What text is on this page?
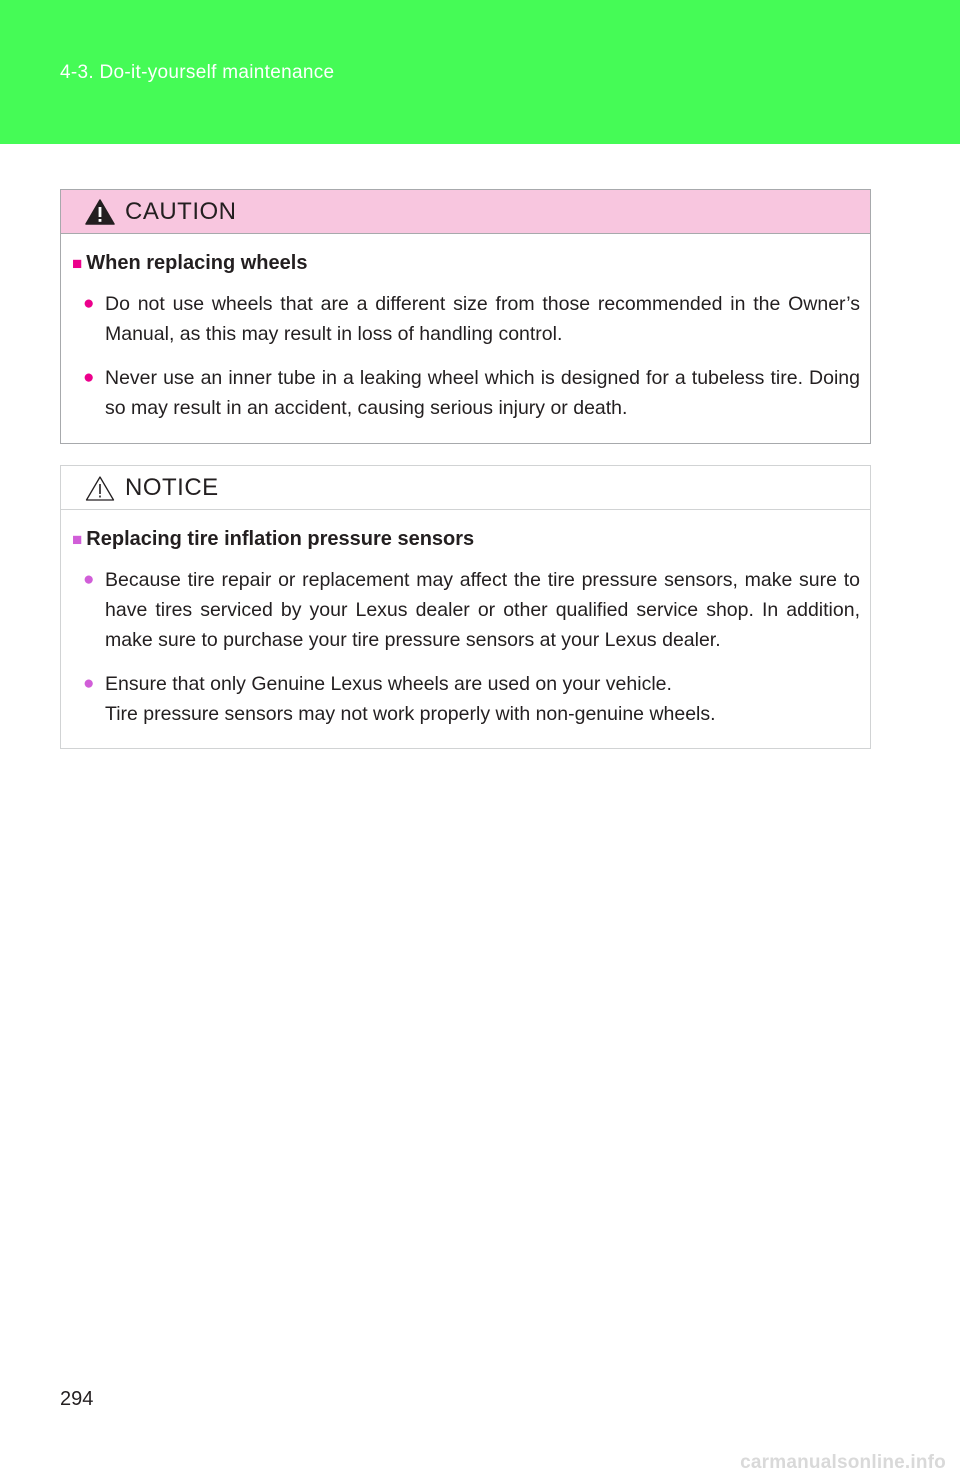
4-3. Do-it-yourself maintenance
CAUTION
■ When replacing wheels
● Do not use wheels that are a different size from those recommended in the Owner’s Manual, as this may result in loss of handling control.
● Never use an inner tube in a leaking wheel which is designed for a tubeless tire. Doing so may result in an accident, causing serious injury or death.
NOTICE
■ Replacing tire inflation pressure sensors
● Because tire repair or replacement may affect the tire pressure sensors, make sure to have tires serviced by your Lexus dealer or other qualified service shop. In addition, make sure to purchase your tire pressure sensors at your Lexus dealer.
● Ensure that only Genuine Lexus wheels are used on your vehicle.
Tire pressure sensors may not work properly with non-genuine wheels.
294
carmanualsonline.info
